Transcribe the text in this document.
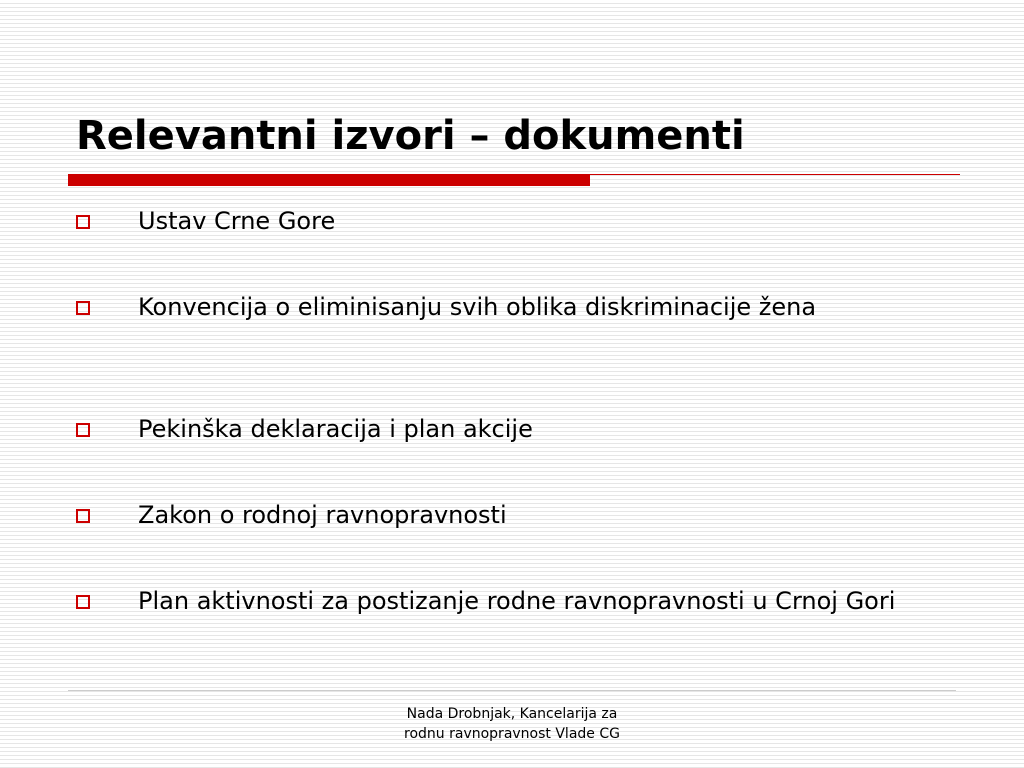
Relevantni izvori – dokumenti
Ustav Crne Gore
Konvencija o eliminisanju svih oblika diskriminacije žena
Pekinška deklaracija i plan akcije
Zakon o rodnoj ravnopravnosti
Plan aktivnosti za postizanje rodne ravnopravnosti u Crnoj Gori
Nada Drobnjak, Kancelarija za
rodnu ravnopravnost Vlade CG
